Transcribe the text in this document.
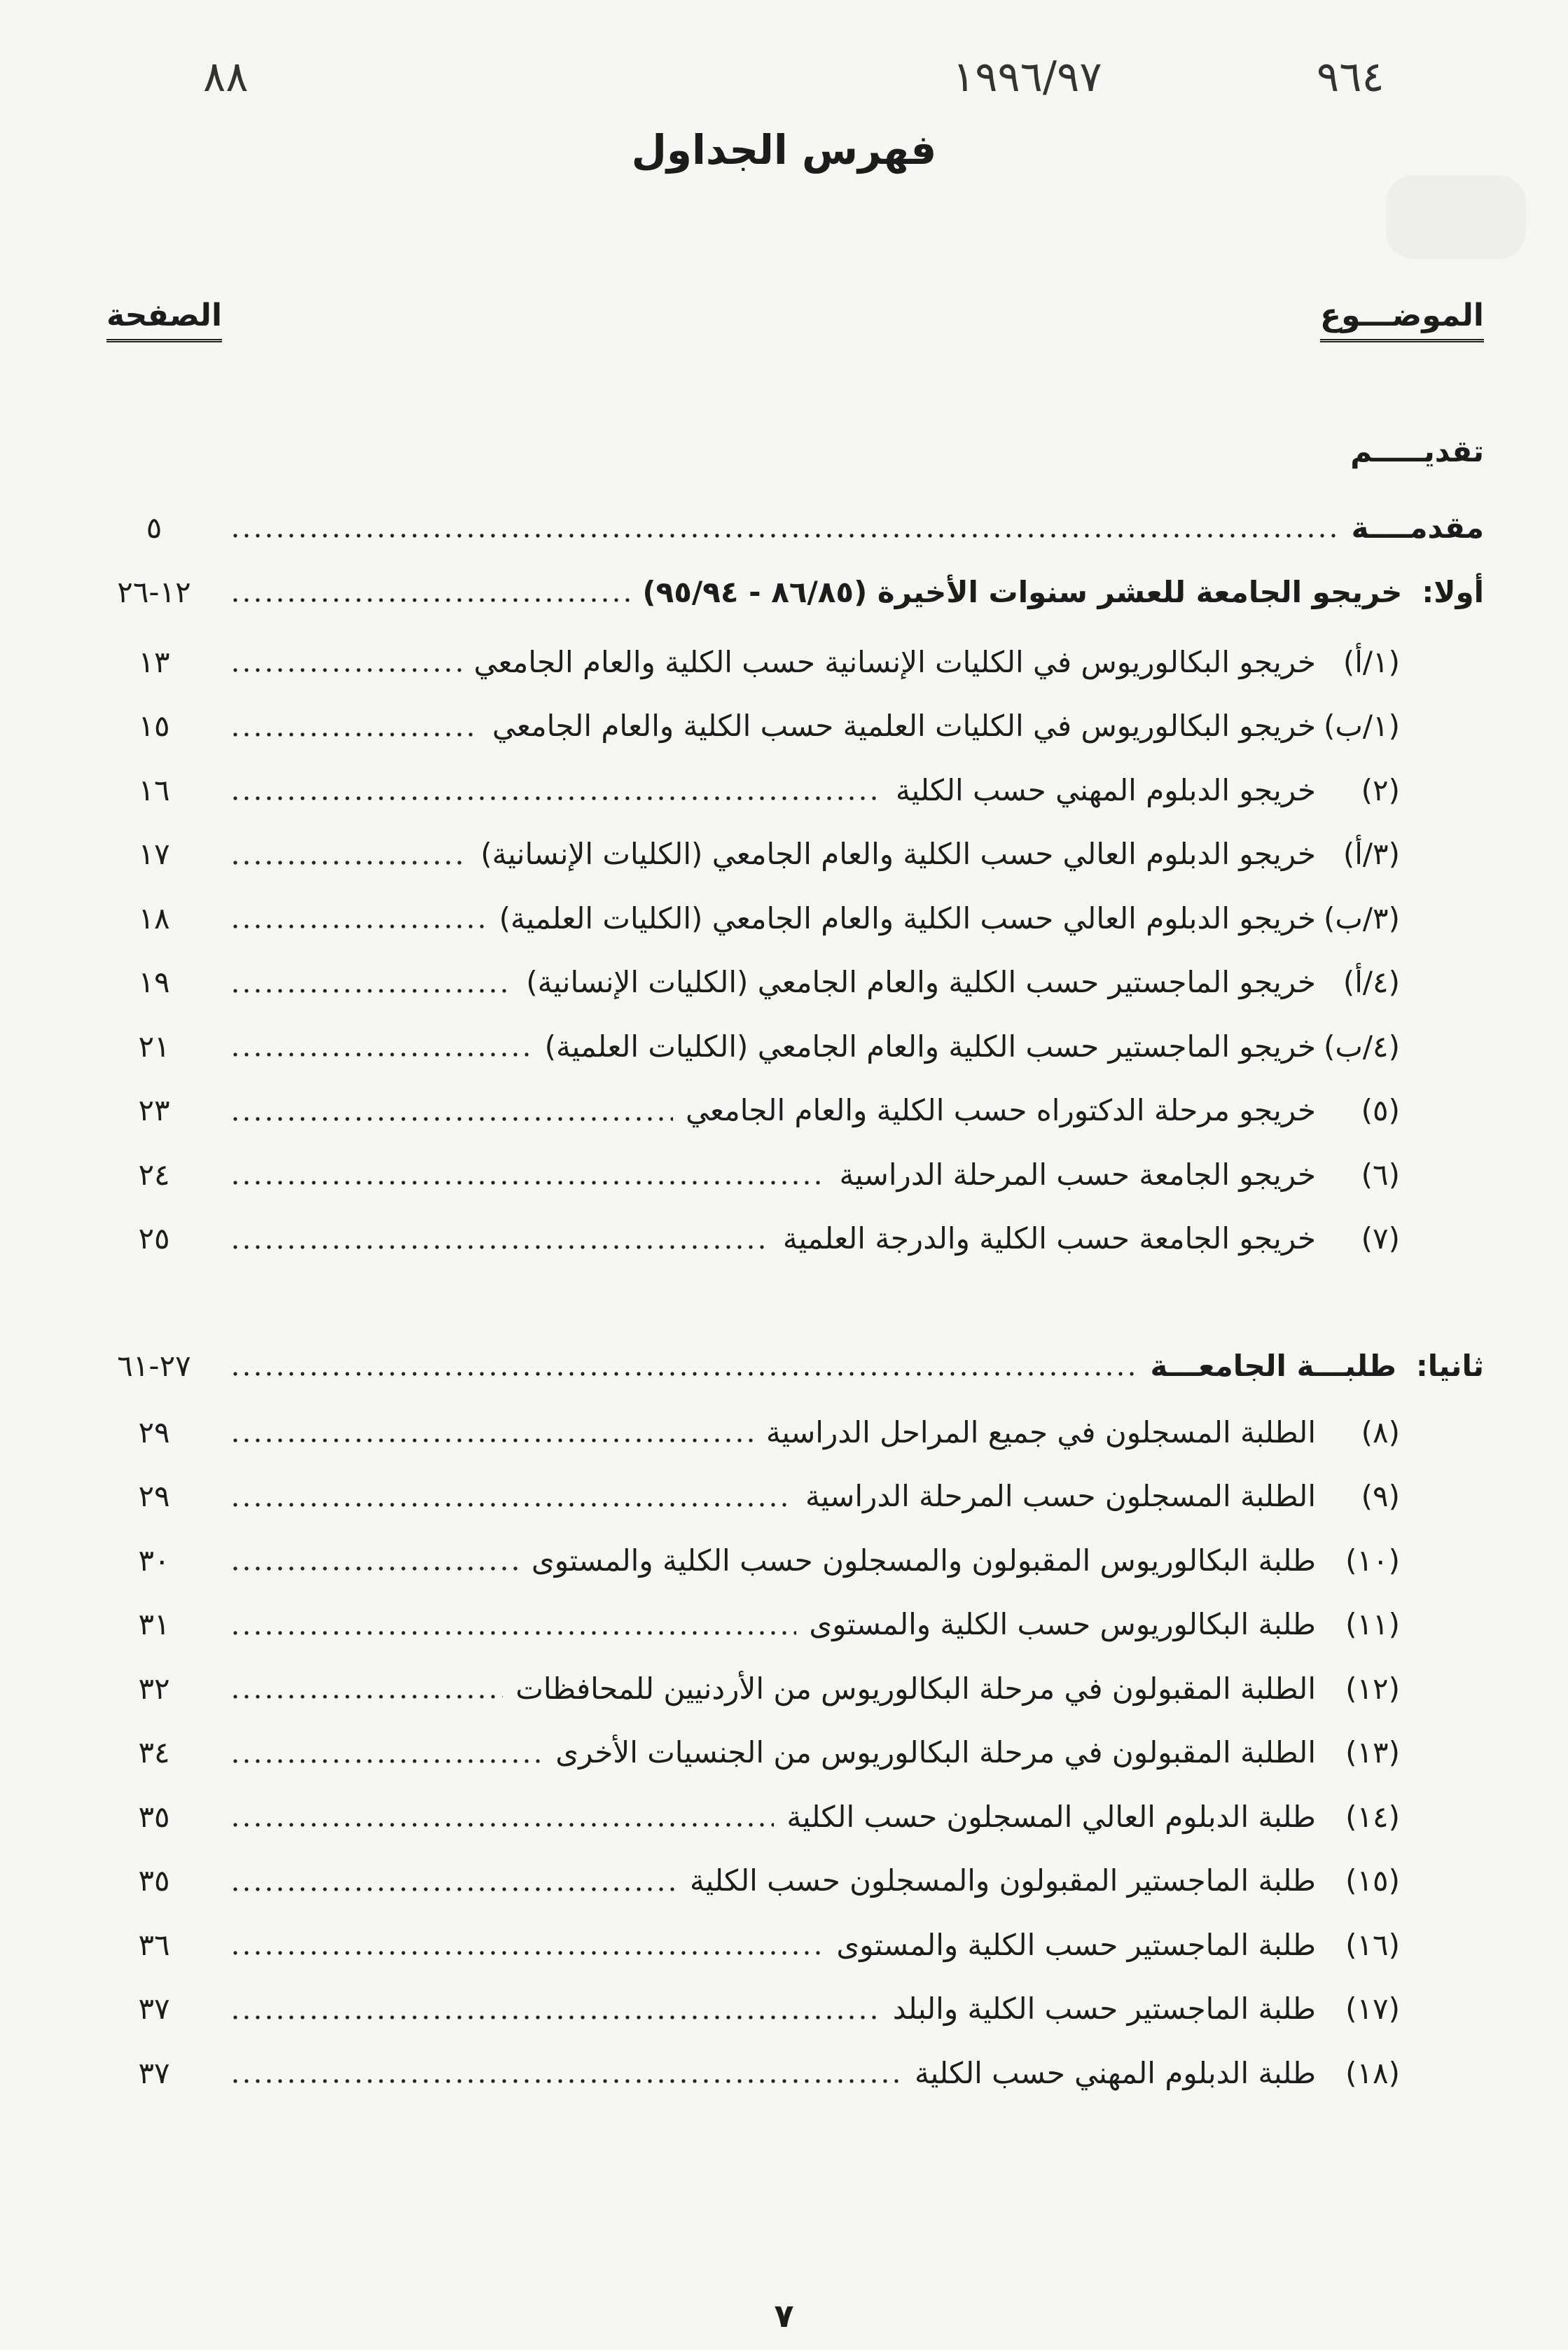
٨٨	١٩٩٦/٩٧	٩٦٤
فهرس الجداول
الموضـــوع
الصفحة
تقديـــــم
مقدمــــة
٥
أولا:
خريجو الجامعة للعشر سنوات الأخيرة (٨٦/٨٥ - ٩٥/٩٤)
١٢-٢٦
(١/أ)
خريجو البكالوريوس في الكليات الإنسانية حسب الكلية والعام الجامعي
١٣
(١/ب)
خريجو البكالوريوس في الكليات العلمية حسب الكلية والعام الجامعي
١٥
(٢)
خريجو الدبلوم المهني حسب الكلية
١٦
(٣/أ)
خريجو الدبلوم العالي حسب الكلية والعام الجامعي (الكليات الإنسانية)
١٧
(٣/ب)
خريجو الدبلوم العالي حسب الكلية والعام الجامعي (الكليات العلمية)
١٨
(٤/أ)
خريجو الماجستير حسب الكلية والعام الجامعي (الكليات الإنسانية)
١٩
(٤/ب)
خريجو الماجستير حسب الكلية والعام الجامعي (الكليات العلمية)
٢١
(٥)
خريجو مرحلة الدكتوراه حسب الكلية والعام الجامعي
٢٣
(٦)
خريجو الجامعة حسب المرحلة الدراسية
٢٤
(٧)
خريجو الجامعة حسب الكلية والدرجة العلمية
٢٥
ثانيا:
طلبـــة الجامعـــة
٢٧-٦١
(٨)
الطلبة المسجلون في جميع المراحل الدراسية
٢٩
(٩)
الطلبة المسجلون حسب المرحلة الدراسية
٢٩
(١٠)
طلبة البكالوريوس المقبولون والمسجلون حسب الكلية والمستوى
٣٠
(١١)
طلبة البكالوريوس حسب الكلية والمستوى
٣١
(١٢)
الطلبة المقبولون في مرحلة البكالوريوس من الأردنيين للمحافظات
٣٢
(١٣)
الطلبة المقبولون في مرحلة البكالوريوس من الجنسيات الأخرى
٣٤
(١٤)
طلبة الدبلوم العالي المسجلون حسب الكلية
٣٥
(١٥)
طلبة الماجستير المقبولون والمسجلون حسب الكلية
٣٥
(١٦)
طلبة الماجستير حسب الكلية والمستوى
٣٦
(١٧)
طلبة الماجستير حسب الكلية والبلد
٣٧
(١٨)
طلبة الدبلوم المهني حسب الكلية
٣٧
٧
